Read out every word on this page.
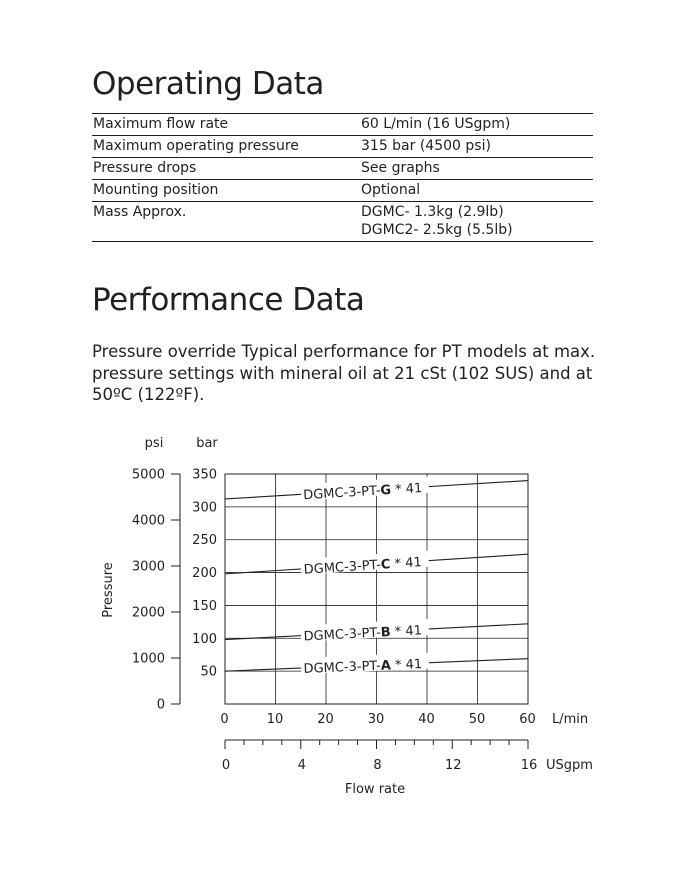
Operating Data
Maximum flow rate	60 L/min (16 USgpm)

Maximum operating pressure	315 bar (4500 psi)

Pressure drops	See graphs

Mounting position	Optional

Mass Approx.	DGMC- 1.3kg (2.9lb)
DGMC2- 2.5kg (5.5lb)
Performance Data

Pressure override Typical performance for PT models at max. pressure settings with mineral oil at 21 cSt (102 SUS) and at 50ºC (122ºF).

DGMC-3-PT-G * 41
DGMC-3-PT-C * 41
DGMC-3-PT-B * 41
DGMC-3-PT-A * 41
0
1000
2000
3000
4000
5000
50
100
150
200
250
300
350
0	10	20	30	40	50	60
0	4	8	12	16
psi	bar
L/min
USgpm
Flow rate
Pressure
